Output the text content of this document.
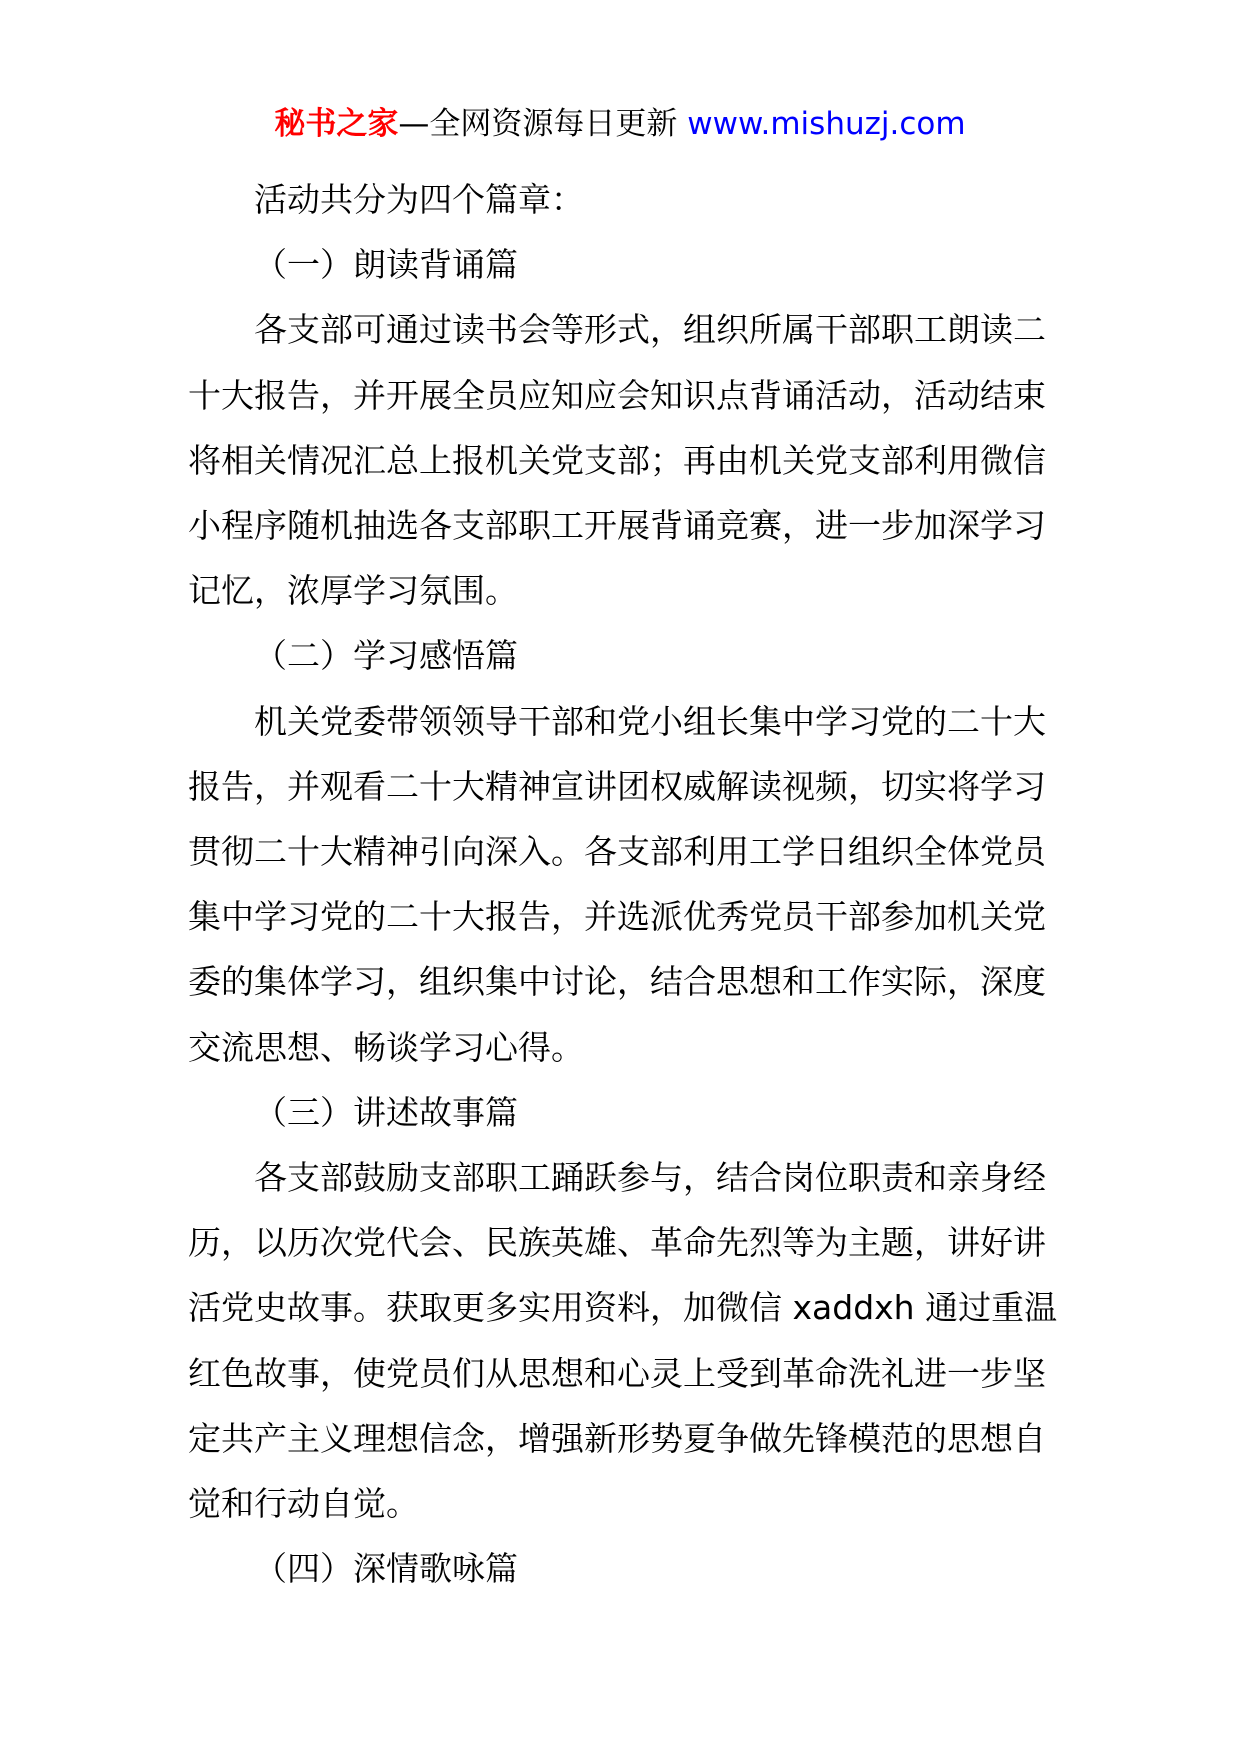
秘书之家—全网资源每日更新 www.mishuzj.com

活动共分为四个篇章：

（一）朗读背诵篇

各支部可通过读书会等形式，组织所属干部职工朗读二十大报告，并开展全员应知应会知识点背诵活动，活动结束将相关情况汇总上报机关党支部；再由机关党支部利用微信小程序随机抽选各支部职工开展背诵竞赛，进一步加深学习记忆，浓厚学习氛围。

（二）学习感悟篇

机关党委带领领导干部和党小组长集中学习党的二十大报告，并观看二十大精神宣讲团权威解读视频，切实将学习贯彻二十大精神引向深入。各支部利用工学日组织全体党员集中学习党的二十大报告，并选派优秀党员干部参加机关党委的集体学习，组织集中讨论，结合思想和工作实际，深度交流思想、畅谈学习心得。

（三）讲述故事篇

各支部鼓励支部职工踊跃参与，结合岗位职责和亲身经历，以历次党代会、民族英雄、革命先烈等为主题，讲好讲活党史故事。获取更多实用资料，加微信 xaddxh 通过重温红色故事，使党员们从思想和心灵上受到革命洗礼进一步坚定共产主义理想信念，增强新形势夏争做先锋模范的思想自觉和行动自觉。

（四）深情歌咏篇
